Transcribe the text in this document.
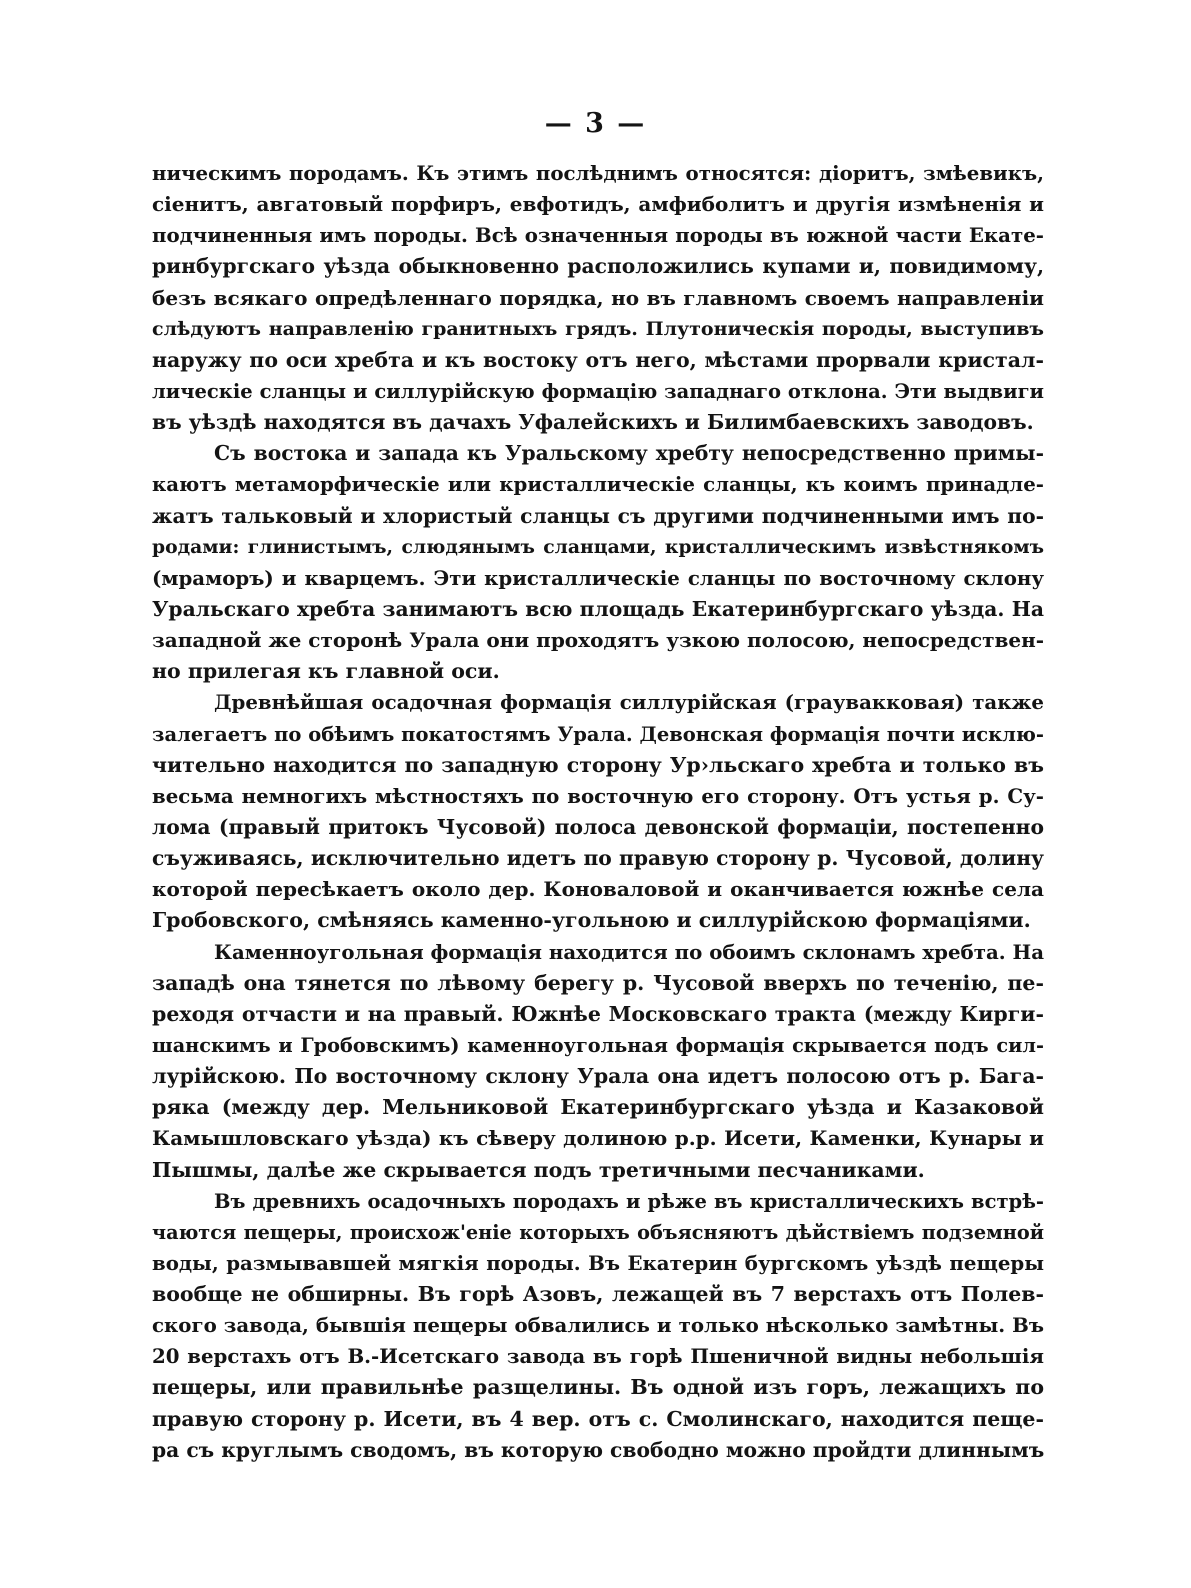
— 3 —
ническимъ породамъ. Къ этимъ послѣднимъ относятся: діоритъ, змѣевикъ,
сіенитъ, авгатовый порфиръ, евфотидъ, амфиболитъ и другія измѣненія и
подчиненныя имъ породы. Всѣ означенныя породы въ южной части Екате-
ринбургскаго уѣзда обыкновенно расположились купами и, повидимому,
безъ всякаго опредѣленнаго порядка, но въ главномъ своемъ направленіи
слѣдуютъ направленію гранитныхъ грядъ. Плутоническія породы, выступивъ
наружу по оси хребта и къ востоку отъ него, мѣстами прорвали кристал-
лическіе сланцы и силлурійскую формацію западнаго отклона. Эти выдвиги
въ уѣздѣ находятся въ дачахъ Уфалейскихъ и Билимбаевскихъ заводовъ.
Съ востока и запада къ Уральскому хребту непосредственно примы-
каютъ метаморфическіе или кристаллическіе сланцы, къ коимъ принадле-
жатъ тальковый и хлористый сланцы съ другими подчиненными имъ по-
родами: глинистымъ, слюдянымъ сланцами, кристаллическимъ извѣстнякомъ
(мраморъ) и кварцемъ. Эти кристаллическіе сланцы по восточному склону
Уральскаго хребта занимаютъ всю площадь Екатеринбургскаго уѣзда. На
западной же сторонѣ Урала они проходятъ узкою полосою, непосредствен-
но прилегая къ главной оси.
Древнѣйшая осадочная формація силлурійская (граувакковая) также
залегаетъ по обѣимъ покатостямъ Урала. Девонская формація почти исклю-
чительно находится по западную сторону Ур›льскаго хребта и только въ
весьма немногихъ мѣстностяхъ по восточную его сторону. Отъ устья р. Су-
лома (правый притокъ Чусовой) полоса девонской формаціи, постепенно
съуживаясь, исключительно идетъ по правую сторону р. Чусовой, долину
которой пересѣкаетъ около дер. Коноваловой и оканчивается южнѣе села
Гробовского, смѣняясь каменно-угольною и силлурійскою формаціями.
Каменноугольная формація находится по обоимъ склонамъ хребта. На
западѣ она тянется по лѣвому берегу р. Чусовой вверхъ по теченію, пе-
реходя отчасти и на правый. Южнѣе Московскаго тракта (между Кирги-
шанскимъ и Гробовскимъ) каменноугольная формація скрывается подъ сил-
лурійскою. По восточному склону Урала она идетъ полосою отъ р. Бага-
ряка (между дер. Мельниковой Екатеринбургскаго уѣзда и Казаковой
Камышловскаго уѣзда) къ сѣверу долиною р.р. Исети, Каменки, Кунары и
Пышмы, далѣе же скрывается подъ третичными песчаниками.
Въ древнихъ осадочныхъ породахъ и рѣже въ кристаллическихъ встрѣ-
чаются пещеры, происхож'еніе которыхъ объясняютъ дѣйствіемъ подземной
воды, размывавшей мягкія породы. Въ Екатерин бургскомъ уѣздѣ пещеры
вообще не обширны. Въ горѣ Азовъ, лежащей въ 7 верстахъ отъ Полев-
ского завода, бывшія пещеры обвалились и только нѣсколько замѣтны. Въ
20 верстахъ отъ В.-Исетскаго завода въ горѣ Пшеничной видны небольшія
пещеры, или правильнѣе разщелины. Въ одной изъ горъ, лежащихъ по
правую сторону р. Исети, въ 4 вер. отъ с. Смолинскаго, находится пеще-
ра съ круглымъ сводомъ, въ которую свободно можно пройдти длиннымъ
